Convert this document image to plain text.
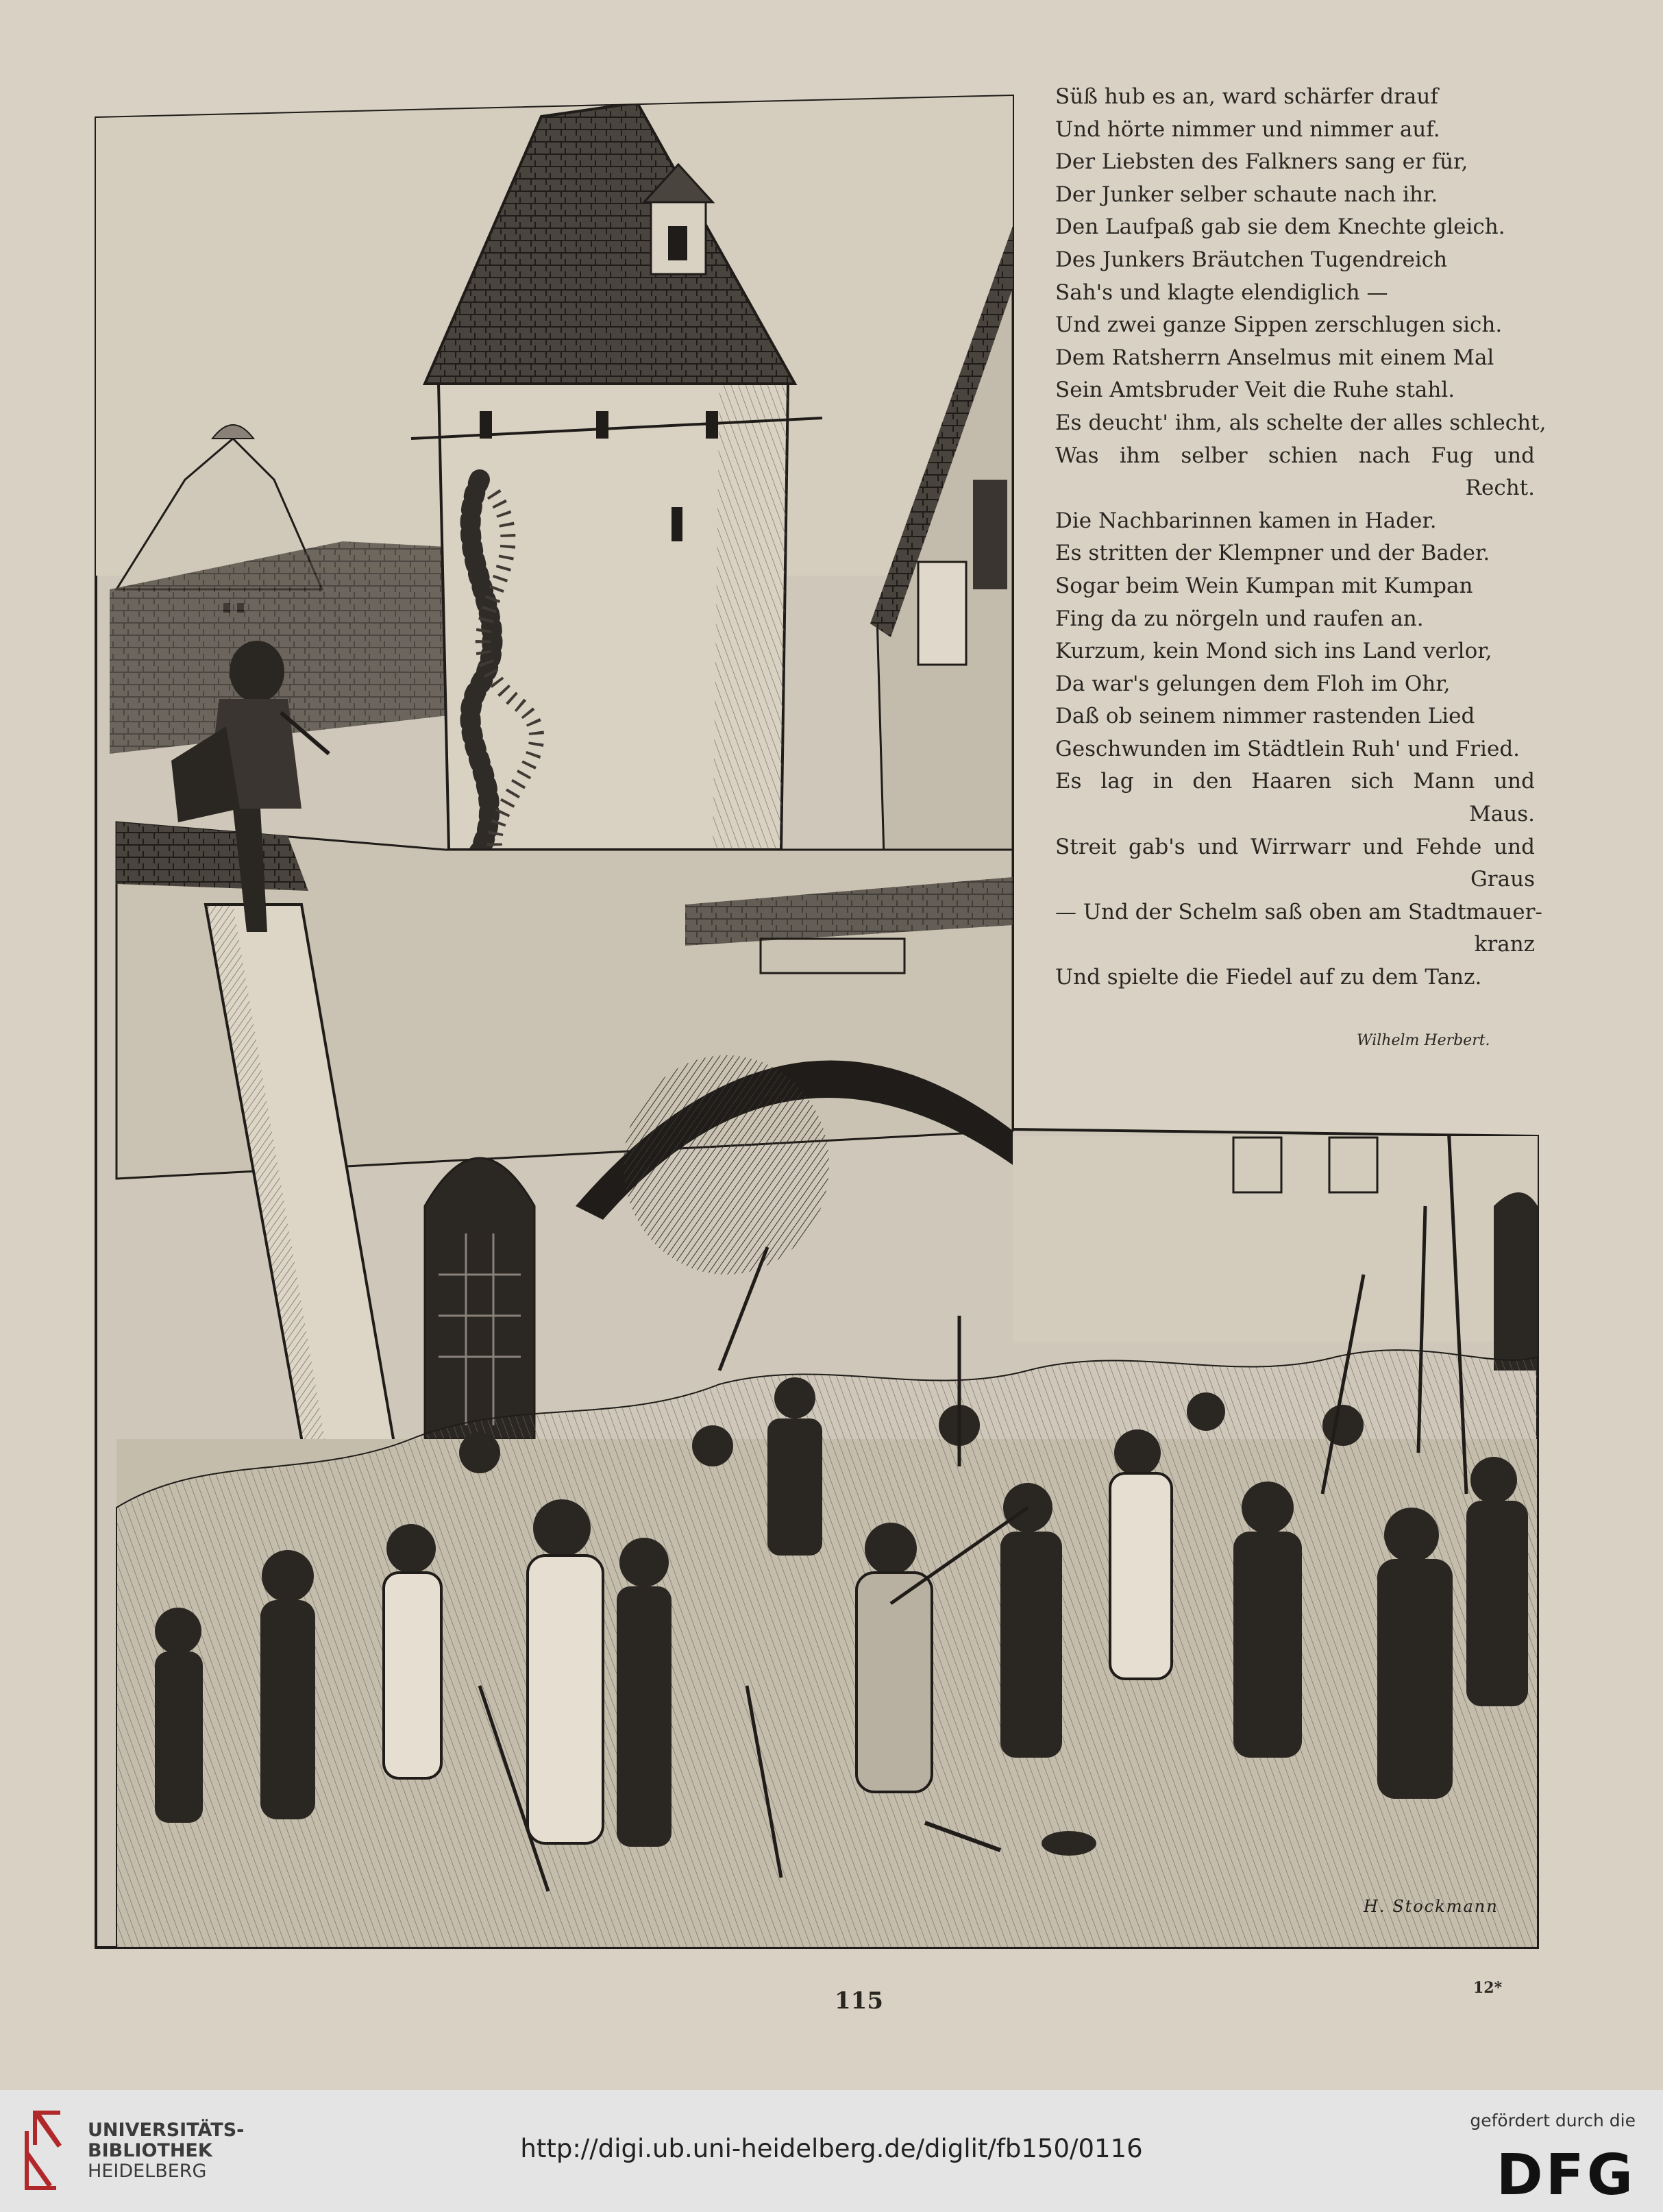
Süß hub es an, ward schärfer drauf
Und hörte nimmer und nimmer auf.
Der Liebsten des Falkners sang er für,
Der Junker selber schaute nach ihr.
Den Laufpaß gab sie dem Knechte gleich.
Des Junkers Bräutchen Tugendreich
Sah's und klagte elendiglich —
Und zwei ganze Sippen zerschlugen sich.
Dem Ratsherrn Anselmus mit einem Mal
Sein Amtsbruder Veit die Ruhe stahl.
Es deucht' ihm, als schelte der alles schlecht,
Was ihm selber schien nach Fug und
Recht.
Die Nachbarinnen kamen in Hader.
Es stritten der Klempner und der Bader.
Sogar beim Wein Kumpan mit Kumpan
Fing da zu nörgeln und raufen an.
Kurzum, kein Mond sich ins Land verlor,
Da war's gelungen dem Floh im Ohr,
Daß ob seinem nimmer rastenden Lied
Geschwunden im Städtlein Ruh' und Fried.
Es lag in den Haaren sich Mann und
Maus.
Streit gab's und Wirrwarr und Fehde und
Graus
— Und der Schelm saß oben am Stadtmauer-
kranz
Und spielte die Fiedel auf zu dem Tanz.
Wilhelm Herbert.
H. Stockmann
115	12*
UNIVERSITÄTS-
BIBLIOTHEK
HEIDELBERG
http://digi.ub.uni-heidelberg.de/diglit/fb150/0116
gefördert durch die
DFG
